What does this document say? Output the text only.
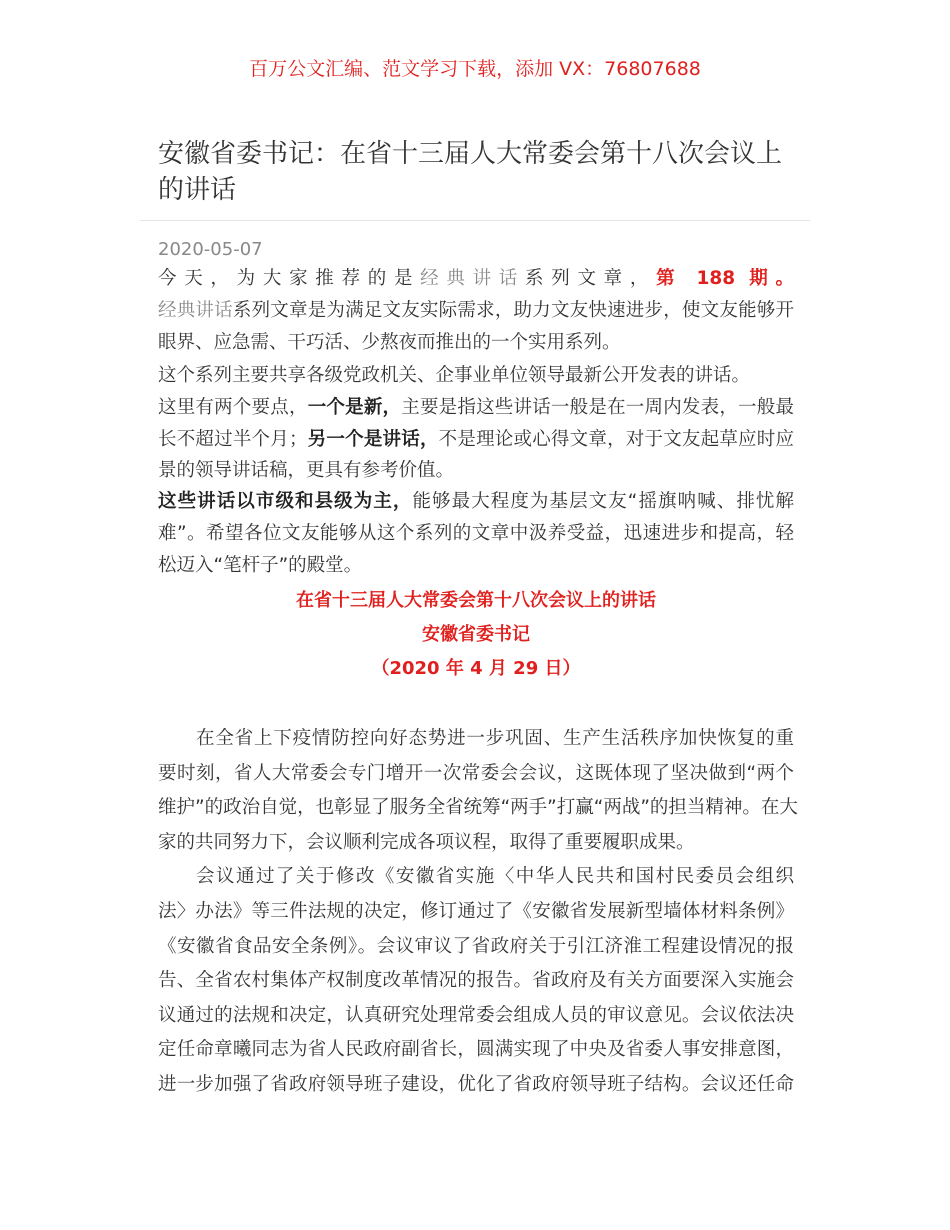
百万公文汇编、范文学习下载，添加 VX：76807688
安徽省委书记：在省十三届人大常委会第十八次会议上的讲话
2020-05-07
今天，为大家推荐的是经典讲话系列文章，第 188 期。
经典讲话系列文章是为满足文友实际需求，助力文友快速进步，使文友能够开
眼界、应急需、干巧活、少熬夜而推出的一个实用系列。
这个系列主要共享各级党政机关、企事业单位领导最新公开发表的讲话。
这里有两个要点，一个是新，主要是指这些讲话一般是在一周内发表，一般最
长不超过半个月；另一个是讲话，不是理论或心得文章，对于文友起草应时应
景的领导讲话稿，更具有参考价值。
这些讲话以市级和县级为主，能够最大程度为基层文友“摇旗呐喊、排忧解
难”。希望各位文友能够从这个系列的文章中汲养受益，迅速进步和提高，轻
松迈入“笔杆子”的殿堂。
在省十三届人大常委会第十八次会议上的讲话
安徽省委书记
（2020 年 4 月 29 日）
在全省上下疫情防控向好态势进一步巩固、生产生活秩序加快恢复的重
要时刻，省人大常委会专门增开一次常委会会议，这既体现了坚决做到“两个
维护”的政治自觉，也彰显了服务全省统筹“两手”打赢“两战”的担当精神。在大
家的共同努力下，会议顺利完成各项议程，取得了重要履职成果。
会议通过了关于修改《安徽省实施〈中华人民共和国村民委员会组织
法〉办法》等三件法规的决定，修订通过了《安徽省发展新型墙体材料条例》
《安徽省食品安全条例》。会议审议了省政府关于引江济淮工程建设情况的报
告、全省农村集体产权制度改革情况的报告。省政府及有关方面要深入实施会
议通过的法规和决定，认真研究处理常委会组成人员的审议意见。会议依法决
定任命章曦同志为省人民政府副省长，圆满实现了中央及省委人事安排意图，
进一步加强了省政府领导班子建设，优化了省政府领导班子结构。会议还任命
